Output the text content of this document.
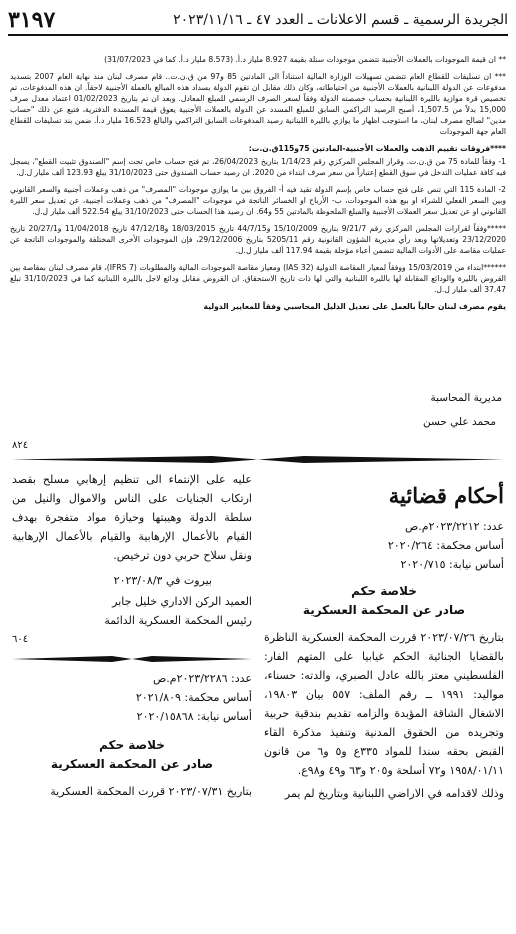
الجريدة الرسمية ـ قسم الاعلانات ـ العدد ٤٧ ـ ٢٠٢٣/١١/١٦
٣١٩٧

** ان قيمة الموجودات بالعملات الأجنبية تتضمن موجودات سنلة بقيمة 8.927 مليار د.أ. (8.573 مليار د.أ. كما في 31/07/2023)

*** ان تسليفات للقطاع العام تتضمن تسهيلات الوزارة المالية استناداً الى المادتين 85 و97 من ق.ن.ت.. قام مصرف لبنان منذ نهاية العام 2007 بتسديد مدفوعات عن الدولة اللبنانية بالعملات الأجنبية من احتياطاته، وكان ذلك مقابل ان تقوم الدولة بسداد هذه المبالغ بالعملة الأجنبية لاحقاً. ان هذه المدفوعات، تم تخصيص قرة موازية بالليرة اللبنانية بحساب خصصته الدولة وفقاً لسعر الصرف الرسمي للمبلغ المعادل. وبعد ان تم بتاريخ 01/02/2023 اعتماد معدل صرف 15,000 بدلاً من 1,507.5، أصبح الرصيد التراكمي السابق للمبلغ المسدد عن الدولة بالعملات الأجنبية يعوق قيمة المسندة الدفترية، فتبع عن ذلك "حساب مدين" لصالح مصرف لبنان، ما استوجب اظهار ما يوازي بالليرة اللبنانية رصيد المدفوعات السابق التراكمي والبالغ 16.523 مليار د.أ. ضمن بند تسليفات للقطاع العام جهة الموجودات

****فروقات تقييم الذهب والعملات الأجنبية-المادتين 75و115ق.ن.ت:

1- وفقاً للمادة 75 من ق.ن.ت. وقرار المجلس المركزي رقم 1/14/23 بتاريخ 26/04/2023، تم فتح حساب خاص تحت إسم "الصندوق تثبيت القطع"، يسجل فيه كافة عمليات التدخل في سوق القطع إعتباراً من سعر صرف ابتداء من 2020. ان رصيد حساب الصندوق حتى 31/10/2023 يبلغ 123.93 ألف مليار ل.ل.

2- المادة 115 التي تنص على فتح حساب خاص بإسم الدولة تقيد فيه أ- الفروق بين ما يوازي موجودات "المصرف" من ذهب وعملات أجنبية والسعر القانوني وبين السعر الفعلي للشراء او بيع هذه الموجودات، ب- الأرباح او الخسائر الناتجة في موجودات "المصرف" من ذهب وعملات أجنبية، عن تعديل سعر الليرة القانوني او عن تعديل سعر العملات الأجنبية والمبلغ الملحوظة بالمادتين 55 و64. ان رصيد هذا الحساب حتى 31/10/2023 يبلغ 522.54 ألف مليار ل.ل.

*****وفقاً لقرارات المجلس المركزي رقم 9/21/7 بتاريخ 15/10/2009 و44/7/15 تاريخ 18/03/2015 و47/12/18 تاريخ 11/04/2018 و20/27/1 تاريخ 23/12/2020 وتعديلاتها وبعد رأي مديرية الشؤون القانونية رقم 5205/11 بتاريخ 29/12/2006، فإن الموجودات الأخرى المختلفة والموجودات الناتجة عن عمليات مقاصة على الأدوات المالية تتضمن أعباء مؤجلة بقيمة 117.94 ألف مليار ل.ل.

******ابتداء من 15/03/2019 ووفقاً لمعيار المقاصة الدولية (IAS 32) ومعيار مقاصة الموجودات المالية والمطلوبات (IFRS 7)، قام مصرف لبنان بمقاصة بين القروض بالليرة والودائع المقابلة لها بالليرة اللبنانية والتي لها ذات تاريخ الاستحقاق. ان القروض مقابل ودائع لاجل بالليرة اللبنانية كما في 31/10/2023 تبلغ 37.47 ألف مليار ل.ل.

يقوم مصرف لبنان حالياً بالعمل على تعديل الدليل المحاسبي وفقاً للمعايير الدولية

مديرية المحاسبة
محمد علي حسن
٨٢٤

أحكام قضائية

عدد: ٢٠٢٣/٢٢١٢م.ص

أساس محكمة: ٢٠٢٠/٢٦٤

أساس نيابة: ٢٠٢٠/٧١٥

خلاصة حكم

صادر عن المحكمة العسكرية

بتاريخ ٢٠٢٣/٠٧/٢٦ قررت المحكمة العسكرية الناظرة بالقضايا الجنائية الحكم غيابيا على المتهم الفار: الفلسطيني معتز بالله عادل الصبري، والدته: حسناء، مواليد: ١٩٩١ ــ رقم الملف: ٥٥٧ بيان ١٩٨٠٣، الاشغال الشاقة المؤبدة والزامه تقديم بندقية حربية وتجريده من الحقوق المدنية وتنفيذ مذكرة القاء القبض بحقه سندا للمواد ٣٣٥ع و٥ و٦ من قانون ١٩٥٨/٠١/١١ و٧٢ أسلحة و٢٠٥ و٦٣ و٤٩ و٩٨ع.

وذلك لاقدامه في الاراضي اللبنانية وبتاريخ لم يمر

عليه على الإنتماء الى تنظيم إرهابي مسلح بقصد ارتكاب الجنايات على الناس والاموال والنيل من سلطة الدولة وهيبتها وحيازة مواد متفجرة بهدف القيام بالأعمال الإرهابية والقيام بالأعمال الإرهابية ونقل سلاح حربي دون ترخيص.

بيروت في ٢٠٢٣/٠٨/٣

العميد الركن الاداري خليل جابر

رئيس المحكمة العسكرية الدائمة

٦٠٤

عدد: ٢٠٢٣/٢٢٨٦م.ص

أساس محكمة: ٢٠٢١/٨٠٩

أساس نيابة: ٢٠٢٠/١٥٨٦٨

خلاصة حكم

صادر عن المحكمة العسكرية

بتاريخ ٢٠٢٣/٠٧/٣١ قررت المحكمة العسكرية
